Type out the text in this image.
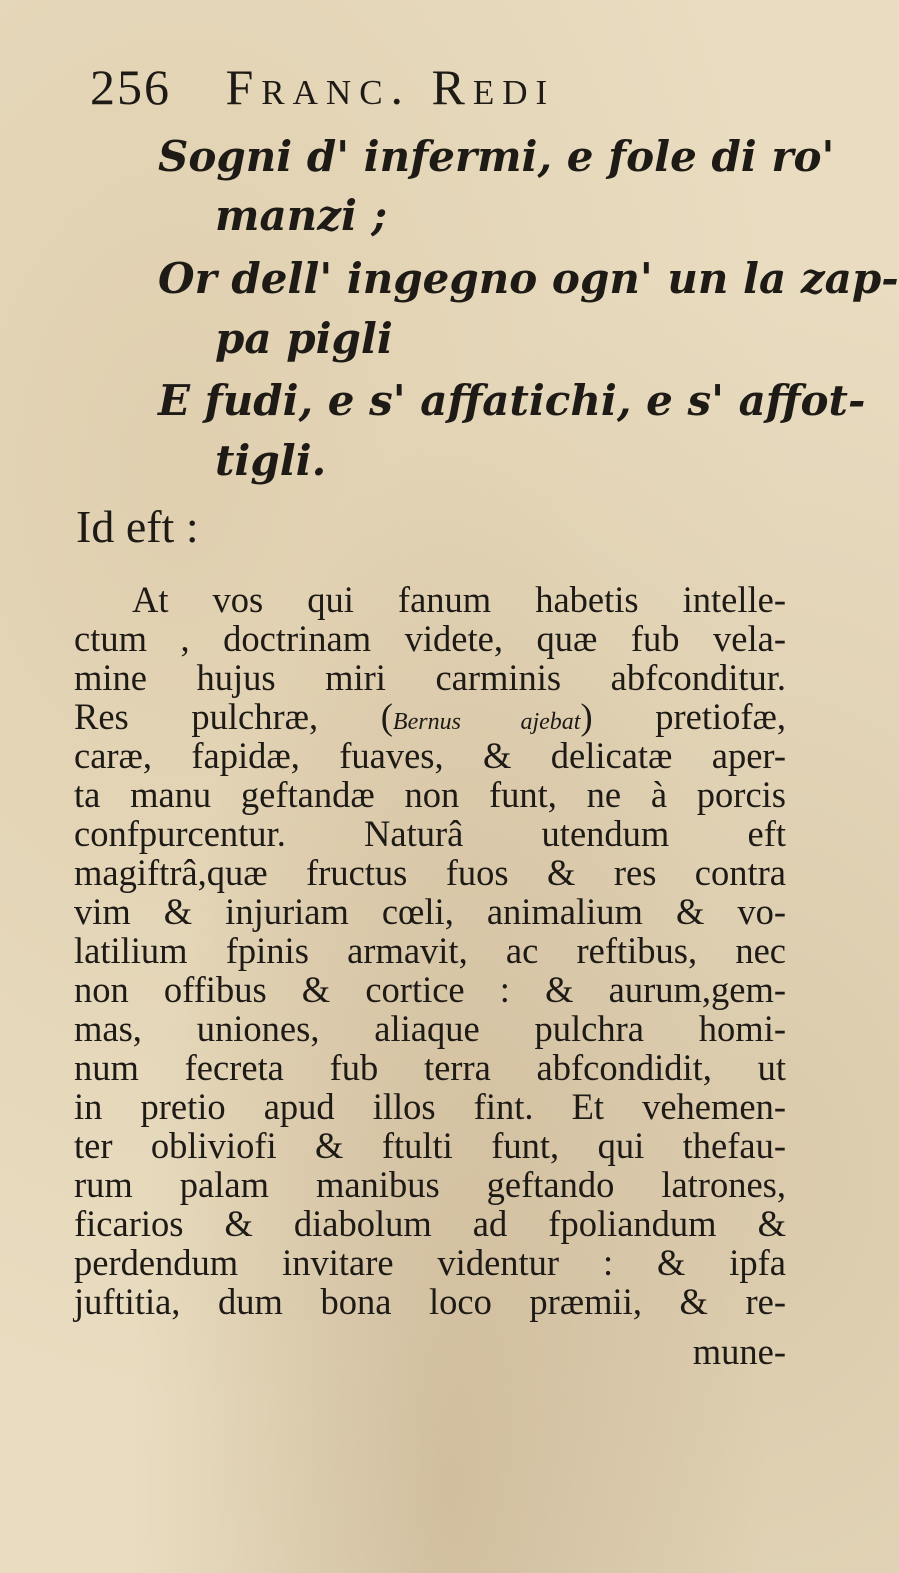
256 Franc. Redi
Sogni d' infermi, e fole di ro'
manzi ;
Or dell' ingegno ogn' un la zap-
pa pigli
E fudi, e s' affatichi, e s' affot-
tigli.
Id eft :
At vos qui fanum habetis intelle-
ctum , doctrinam videte, quæ fub vela-
mine hujus miri carminis abfconditur.
Res pulchræ, (Bernus ajebat) pretiofæ,
caræ, fapidæ, fuaves, & delicatæ aper-
ta manu geftandæ non funt, ne à porcis
confpurcentur. Naturâ utendum eft
magiftrâ,quæ fructus fuos & res contra
vim & injuriam cœli, animalium & vo-
latilium fpinis armavit, ac reftibus, nec
non offibus & cortice : & aurum,gem-
mas, uniones, aliaque pulchra homi-
num fecreta fub terra abfcondidit, ut
in pretio apud illos fint. Et vehemen-
ter obliviofi & ftulti funt, qui thefau-
rum palam manibus geftando latrones,
ficarios & diabolum ad fpoliandum &
perdendum invitare videntur : & ipfa
juftitia, dum bona loco præmii, & re-
mune-
